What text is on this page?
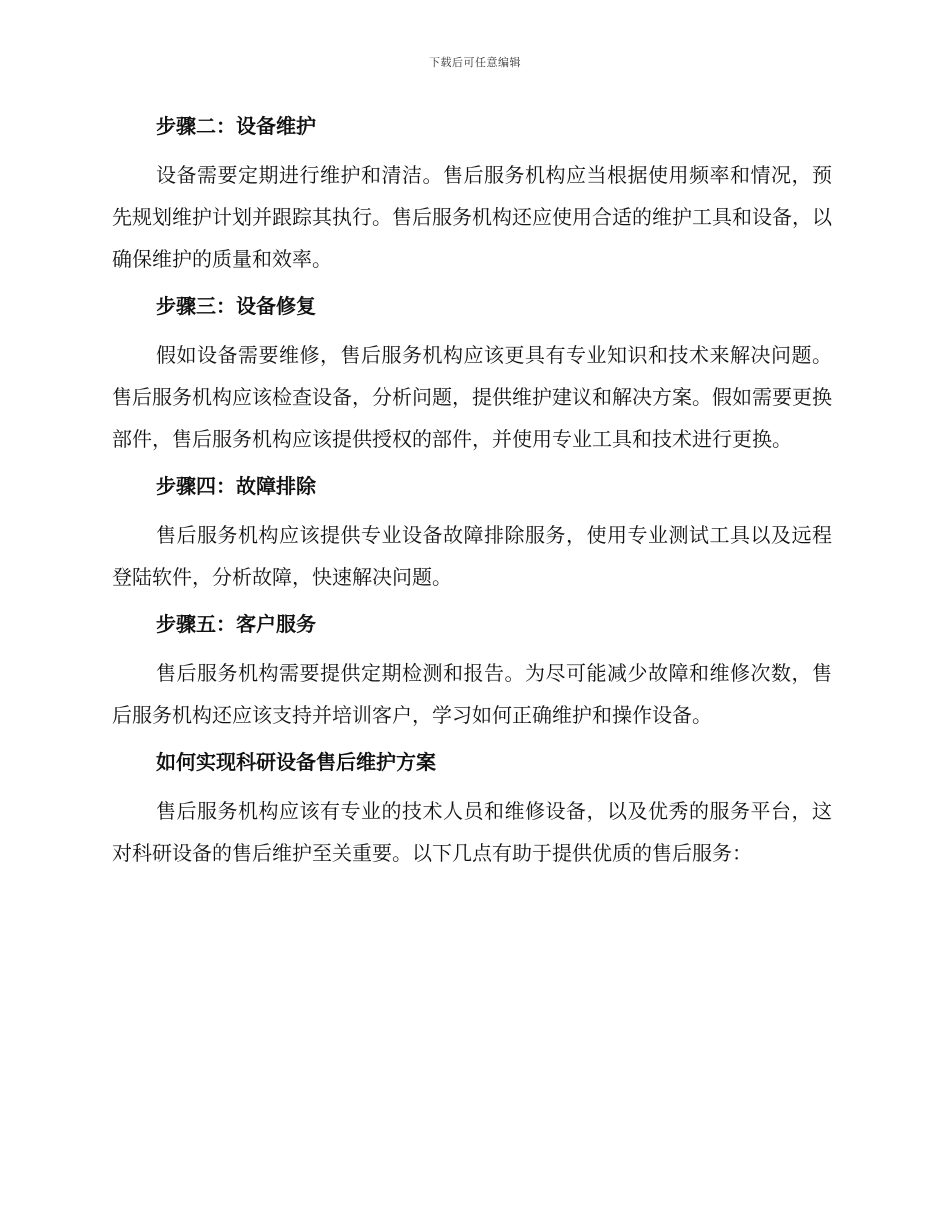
下载后可任意编辑
步骤二：设备维护

设备需要定期进行维护和清洁。售后服务机构应当根据使用频率和情况，预先规划维护计划并跟踪其执行。售后服务机构还应使用合适的维护工具和设备，以确保维护的质量和效率。

步骤三：设备修复

假如设备需要维修，售后服务机构应该更具有专业知识和技术来解决问题。售后服务机构应该检查设备，分析问题，提供维护建议和解决方案。假如需要更换部件，售后服务机构应该提供授权的部件，并使用专业工具和技术进行更换。

步骤四：故障排除

售后服务机构应该提供专业设备故障排除服务，使用专业测试工具以及远程登陆软件，分析故障，快速解决问题。

步骤五：客户服务

售后服务机构需要提供定期检测和报告。为尽可能减少故障和维修次数，售后服务机构还应该支持并培训客户，学习如何正确维护和操作设备。

如何实现科研设备售后维护方案

售后服务机构应该有专业的技术人员和维修设备，以及优秀的服务平台，这对科研设备的售后维护至关重要。以下几点有助于提供优质的售后服务：
